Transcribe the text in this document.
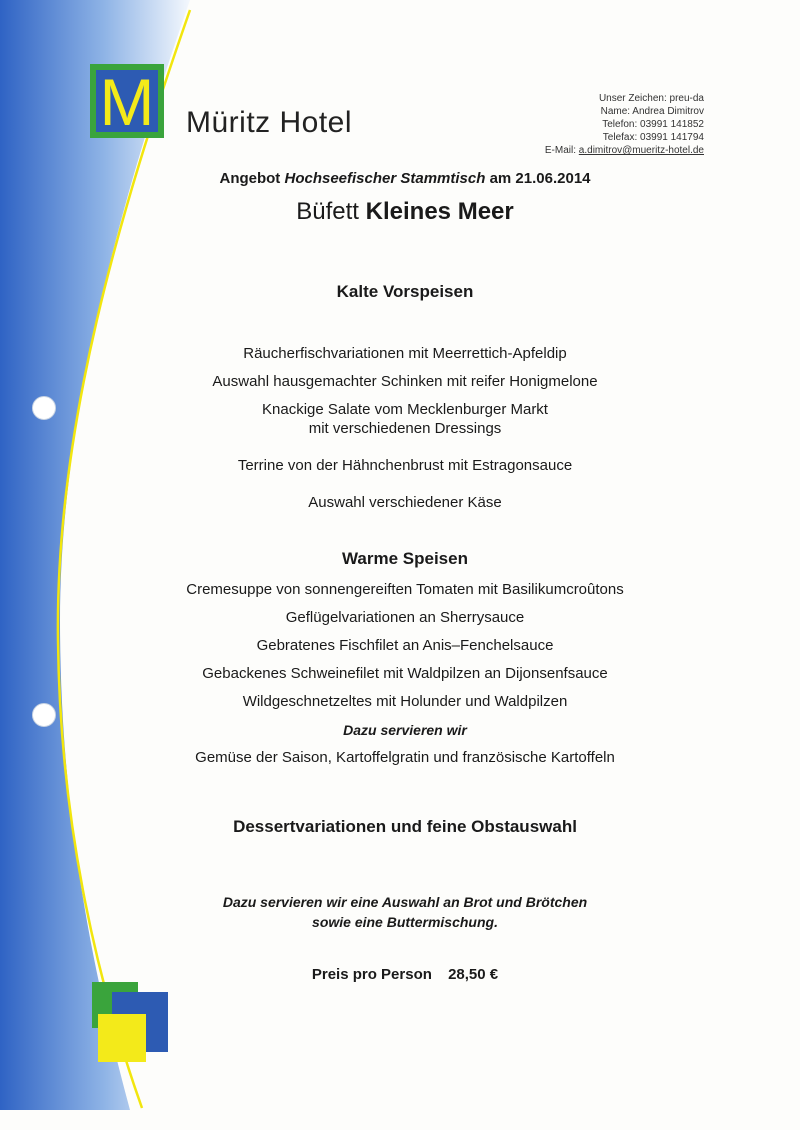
M Müritz Hotel
Unser Zeichen: preu-da
Name: Andrea Dimitrov
Telefon: 03991 141852
Telefax: 03991 141794
E-Mail: a.dimitrov@mueritz-hotel.de
Angebot Hochseefischer Stammtisch am 21.06.2014
Büfett Kleines Meer
Kalte Vorspeisen
Räucherfischvariationen mit Meerrettich-Apfeldip
Auswahl hausgemachter Schinken mit reifer Honigmelone
Knackige Salate vom Mecklenburger Markt
mit verschiedenen Dressings
Terrine von der Hähnchenbrust mit Estragonsauce
Auswahl verschiedener Käse
Warme Speisen
Cremesuppe von sonnengereiften Tomaten mit Basilikumcroûtons
Geflügelvariationen an Sherrysauce
Gebratenes Fischfilet an Anis–Fenchelsauce
Gebackenes Schweinefilet mit Waldpilzen an Dijonsenfsauce
Wildgeschnetzeltes mit Holunder und Waldpilzen
Dazu servieren wir
Gemüse der Saison, Kartoffelgratin und französische Kartoffeln
Dessertvariationen und feine Obstauswahl
Dazu servieren wir eine Auswahl an Brot und Brötchen
sowie eine Buttermischung.
Preis pro Person 28,50 €
